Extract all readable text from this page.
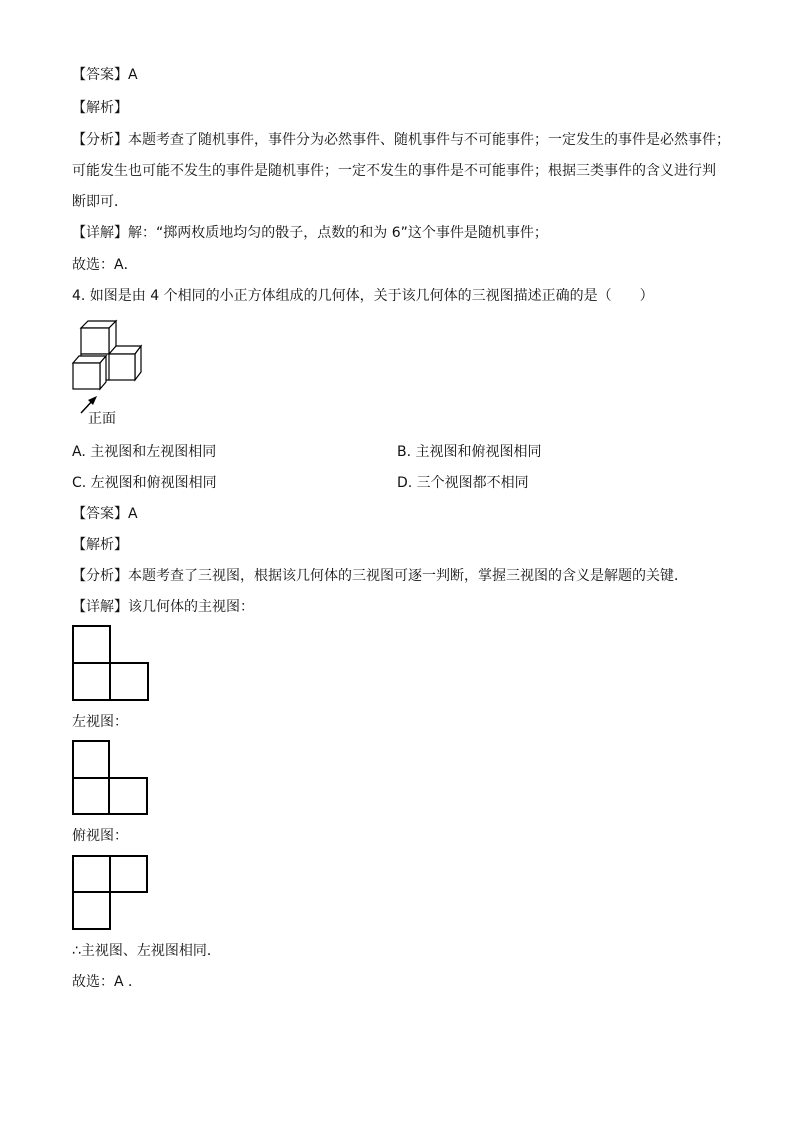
【答案】A
【解析】
【分析】本题考查了随机事件，事件分为必然事件、随机事件与不可能事件；一定发生的事件是必然事件；
可能发生也可能不发生的事件是随机事件；一定不发生的事件是不可能事件；根据三类事件的含义进行判
断即可．
【详解】解：“掷两枚质地均匀的骰子，点数的和为 6”这个事件是随机事件；
故选：A．
4. 如图是由 4 个相同的小正方体组成的几何体，关于该几何体的三视图描述正确的是（　　）
正面
A. 主视图和左视图相同	B. 主视图和俯视图相同
C. 左视图和俯视图相同	D. 三个视图都不相同
【答案】A
【解析】
【分析】本题考查了三视图，根据该几何体的三视图可逐一判断，掌握三视图的含义是解题的关键．
【详解】该几何体的主视图：
左视图：
俯视图：
∴主视图、左视图相同．
故选：A ．
